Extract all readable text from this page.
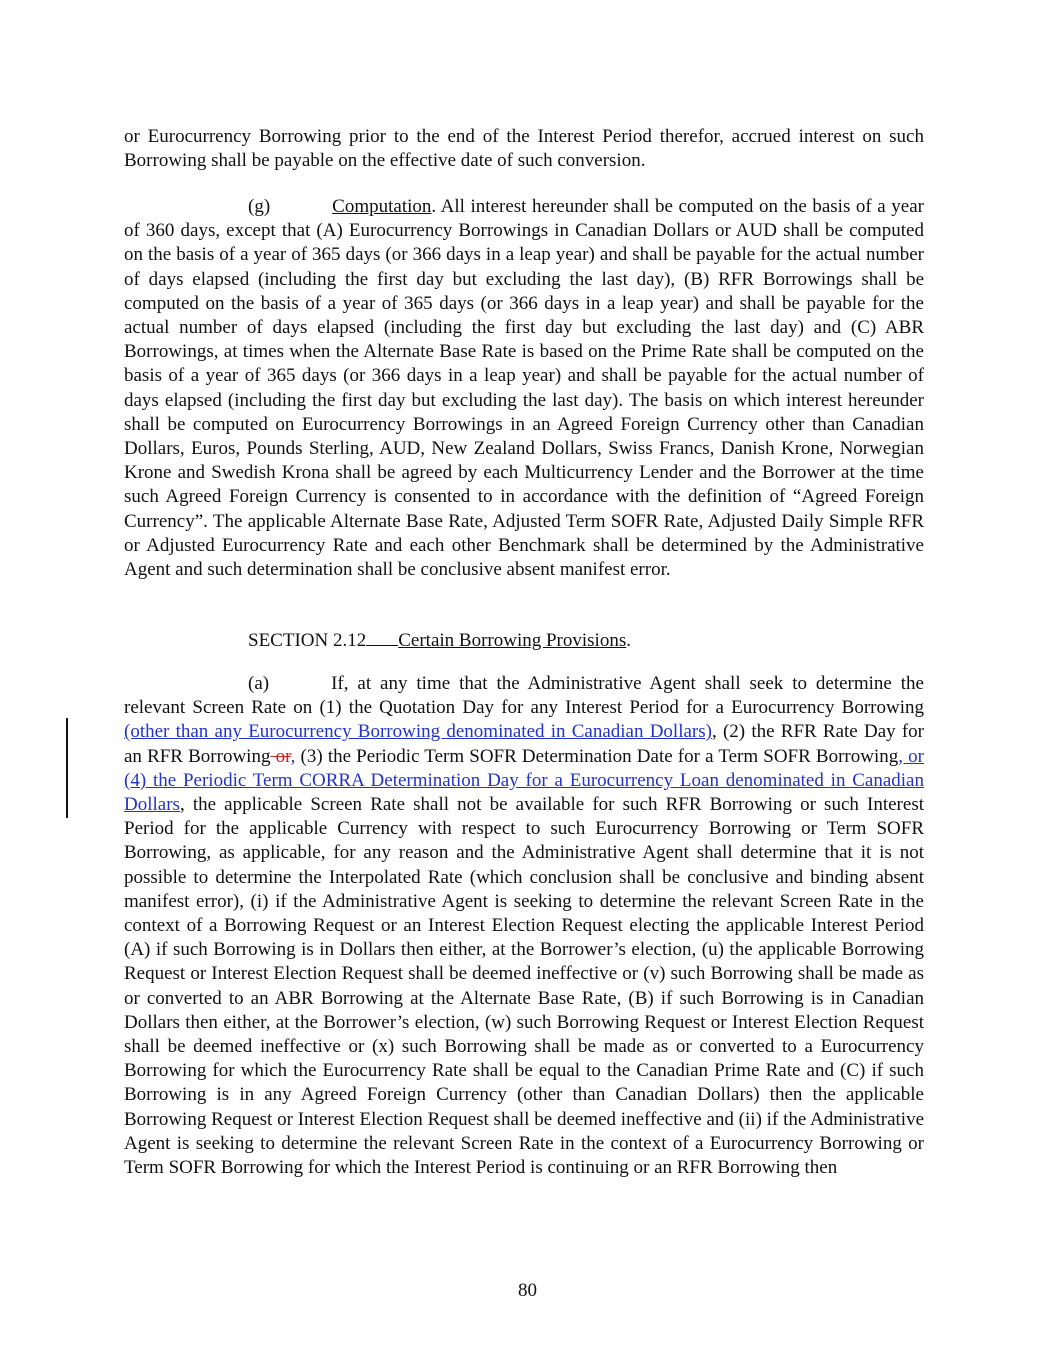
or Eurocurrency Borrowing prior to the end of the Interest Period therefor, accrued interest on such Borrowing shall be payable on the effective date of such conversion.

(g)	Computation. All interest hereunder shall be computed on the basis of a year of 360 days, except that (A) Eurocurrency Borrowings in Canadian Dollars or AUD shall be computed on the basis of a year of 365 days (or 366 days in a leap year) and shall be payable for the actual number of days elapsed (including the first day but excluding the last day), (B) RFR Borrowings shall be computed on the basis of a year of 365 days (or 366 days in a leap year) and shall be payable for the actual number of days elapsed (including the first day but excluding the last day) and (C) ABR Borrowings, at times when the Alternate Base Rate is based on the Prime Rate shall be computed on the basis of a year of 365 days (or 366 days in a leap year) and shall be payable for the actual number of days elapsed (including the first day but excluding the last day). The basis on which interest hereunder shall be computed on Eurocurrency Borrowings in an Agreed Foreign Currency other than Canadian Dollars, Euros, Pounds Sterling, AUD, New Zealand Dollars, Swiss Francs, Danish Krone, Norwegian Krone and Swedish Krona shall be agreed by each Multicurrency Lender and the Borrower at the time such Agreed Foreign Currency is consented to in accordance with the definition of “Agreed Foreign Currency”. The applicable Alternate Base Rate, Adjusted Term SOFR Rate, Adjusted Daily Simple RFR or Adjusted Eurocurrency Rate and each other Benchmark shall be determined by the Administrative Agent and such determination shall be conclusive absent manifest error.

SECTION 2.12 Certain Borrowing Provisions.

(a)	If, at any time that the Administrative Agent shall seek to determine the relevant Screen Rate on (1) the Quotation Day for any Interest Period for a Eurocurrency Borrowing (other than any Eurocurrency Borrowing denominated in Canadian Dollars), (2) the RFR Rate Day for an RFR Borrowing or, (3) the Periodic Term SOFR Determination Date for a Term SOFR Borrowing, or (4) the Periodic Term CORRA Determination Day for a Eurocurrency Loan denominated in Canadian Dollars, the applicable Screen Rate shall not be available for such RFR Borrowing or such Interest Period for the applicable Currency with respect to such Eurocurrency Borrowing or Term SOFR Borrowing, as applicable, for any reason and the Administrative Agent shall determine that it is not possible to determine the Interpolated Rate (which conclusion shall be conclusive and binding absent manifest error), (i) if the Administrative Agent is seeking to determine the relevant Screen Rate in the context of a Borrowing Request or an Interest Election Request electing the applicable Interest Period (A) if such Borrowing is in Dollars then either, at the Borrower’s election, (u) the applicable Borrowing Request or Interest Election Request shall be deemed ineffective or (v) such Borrowing shall be made as or converted to an ABR Borrowing at the Alternate Base Rate, (B) if such Borrowing is in Canadian Dollars then either, at the Borrower’s election, (w) such Borrowing Request or Interest Election Request shall be deemed ineffective or (x) such Borrowing shall be made as or converted to a Eurocurrency Borrowing for which the Eurocurrency Rate shall be equal to the Canadian Prime Rate and (C) if such Borrowing is in any Agreed Foreign Currency (other than Canadian Dollars) then the applicable Borrowing Request or Interest Election Request shall be deemed ineffective and (ii) if the Administrative Agent is seeking to determine the relevant Screen Rate in the context of a Eurocurrency Borrowing or Term SOFR Borrowing for which the Interest Period is continuing or an RFR Borrowing then

80
